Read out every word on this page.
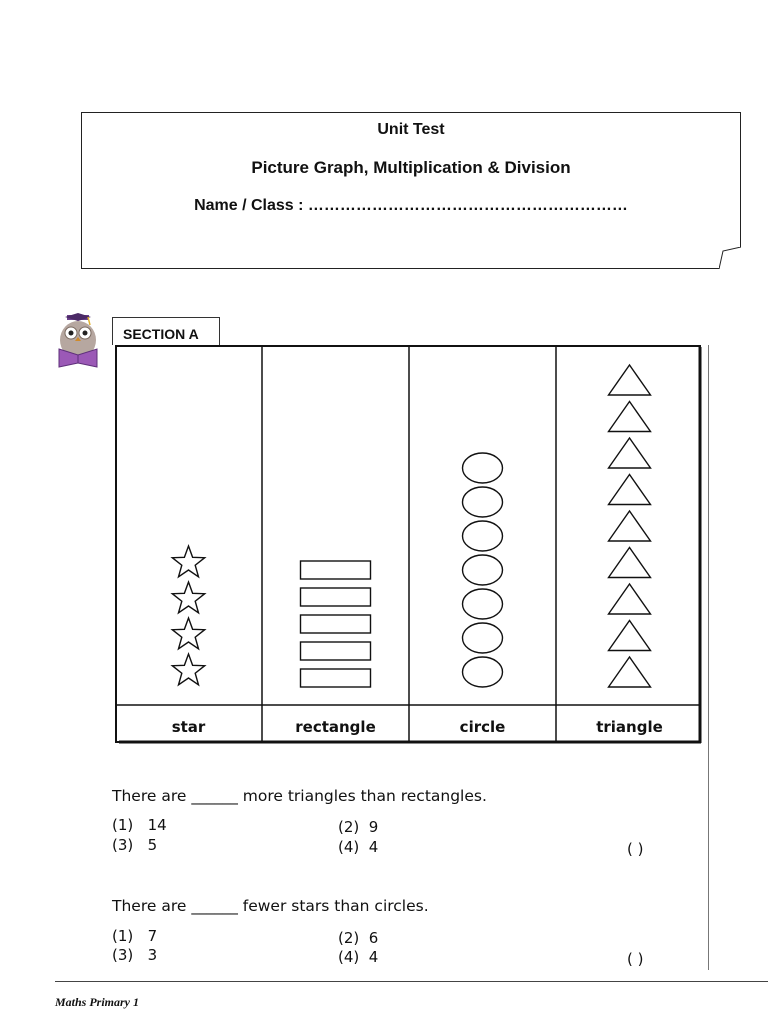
Unit Test
Picture Graph, Multiplication & Division
Name / Class : ……………………………………………………
SECTION A
star	rectangle	circle	triangle
There are ______ more triangles than rectangles.
(1) 14	(2) 9
(3) 5	(4) 4	( )
There are ______ fewer stars than circles.
(1) 7	(2) 6
(3) 3	(4) 4	( )
Maths Primary 1
